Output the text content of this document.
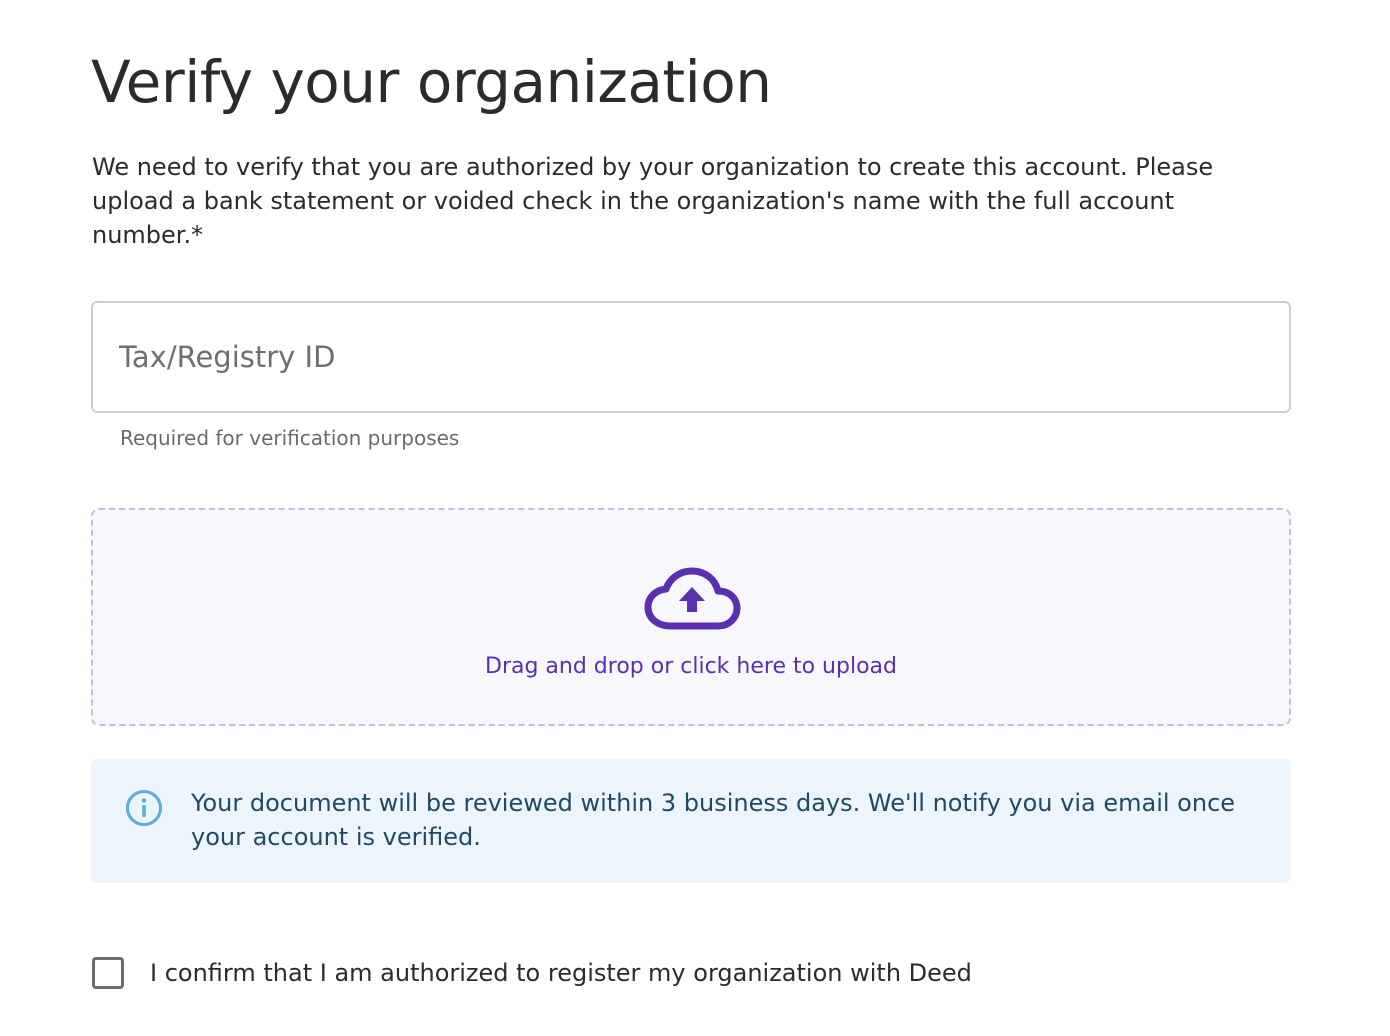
Verify your organization

We need to verify that you are authorized by your organization to create this account. Please upload a bank statement or voided check in the organization's name with the full account number.*

Tax/Registry ID

Required for verification purposes

Drag and drop or click here to upload

Your document will be reviewed within 3 business days. We'll notify you via email once your account is verified.

I confirm that I am authorized to register my organization with Deed
